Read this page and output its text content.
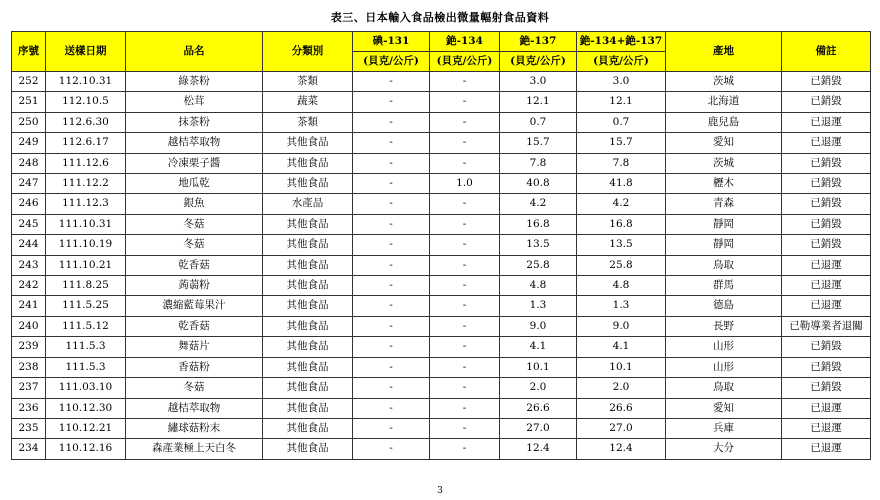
表三、日本輸入食品檢出微量輻射食品資料
序號	送樣日期	品名	分類別	碘-131	銫-134	銫-137	銫-134+銫-137	產地	備註
				(貝克/公斤)	(貝克/公斤)	(貝克/公斤)	(貝克/公斤)		
252	112.10.31	綠茶粉	茶類	-	-	3.0	3.0	茨城	已銷毀
251	112.10.5	松茸	蔬菜	-	-	12.1	12.1	北海道	已銷毀
250	112.6.30	抹茶粉	茶類	-	-	0.7	0.7	鹿兒島	已退運
249	112.6.17	越桔萃取物	其他食品	-	-	15.7	15.7	愛知	已退運
248	111.12.6	冷凍栗子醬	其他食品	-	-	7.8	7.8	茨城	已銷毀
247	111.12.2	地瓜乾	其他食品	-	1.0	40.8	41.8	櫪木	已銷毀
246	111.12.3	銀魚	水產品	-	-	4.2	4.2	青森	已銷毀
245	111.10.31	冬菇	其他食品	-	-	16.8	16.8	靜岡	已銷毀
244	111.10.19	冬菇	其他食品	-	-	13.5	13.5	靜岡	已銷毀
243	111.10.21	乾香菇	其他食品	-	-	25.8	25.8	鳥取	已退運
242	111.8.25	蒟蒻粉	其他食品	-	-	4.8	4.8	群馬	已退運
241	111.5.25	濃縮藍莓果汁	其他食品	-	-	1.3	1.3	德島	已退運
240	111.5.12	乾香菇	其他食品	-	-	9.0	9.0	長野	已勒導業者退關
239	111.5.3	舞菇片	其他食品	-	-	4.1	4.1	山形	已銷毀
238	111.5.3	香菇粉	其他食品	-	-	10.1	10.1	山形	已銷毀
237	111.03.10	冬菇	其他食品	-	-	2.0	2.0	鳥取	已銷毀
236	110.12.30	越桔萃取物	其他食品	-	-	26.6	26.6	愛知	已退運
235	110.12.21	繡球菇粉末	其他食品	-	-	27.0	27.0	兵庫	已退運
234	110.12.16	森產業極上天白冬	其他食品	-	-	12.4	12.4	大分	已退運
3
